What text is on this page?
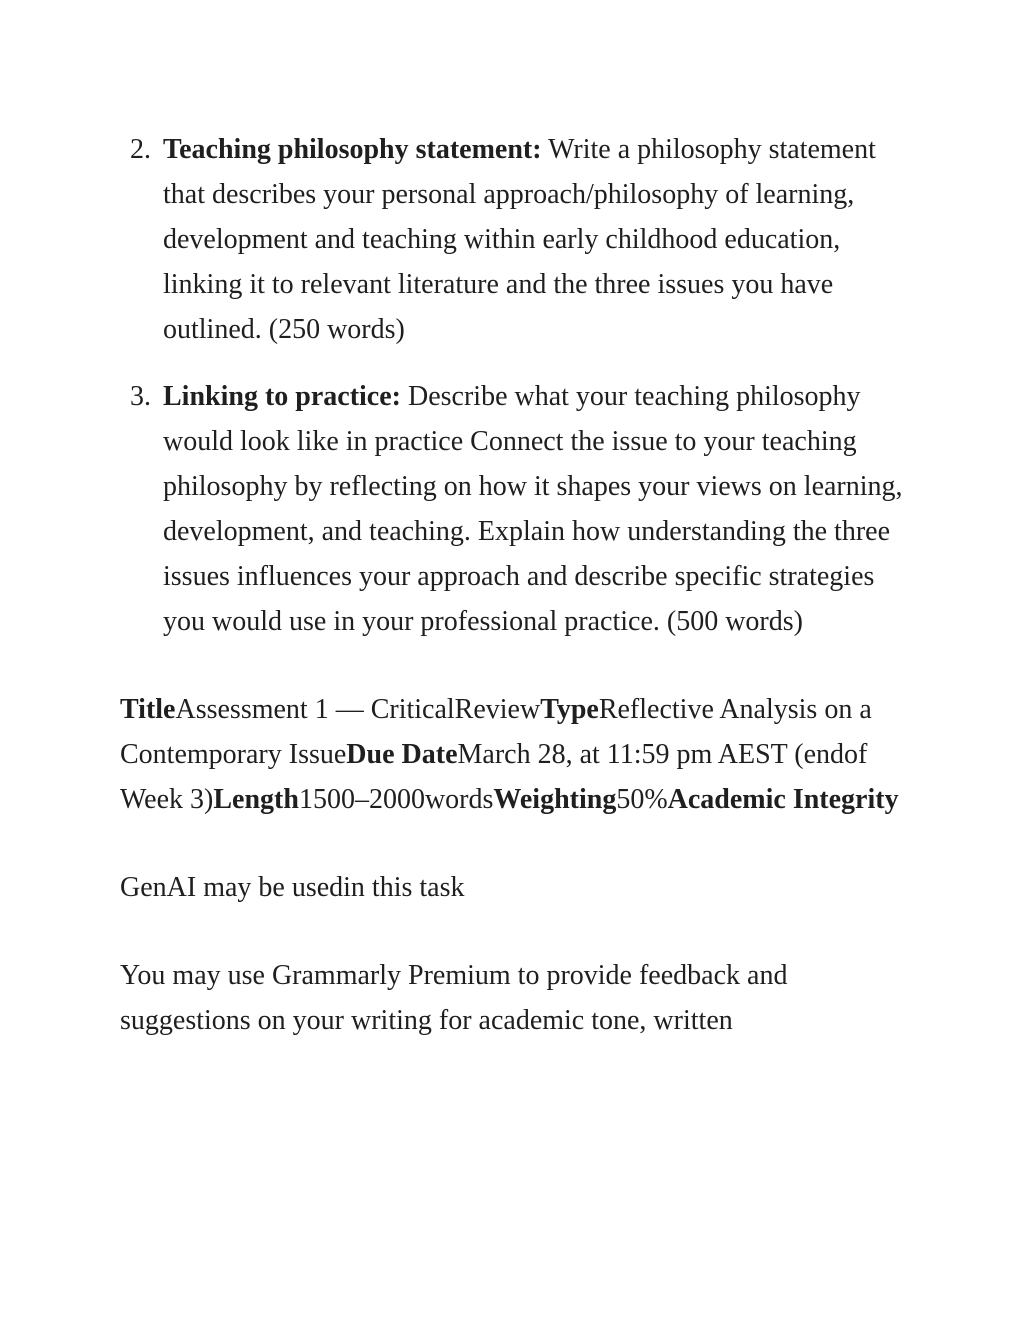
2. Teaching philosophy statement: Write a philosophy statement that describes your personal approach/philosophy of learning, development and teaching within early childhood education, linking it to relevant literature and the three issues you have outlined. (250 words)
3. Linking to practice: Describe what your teaching philosophy would look like in practice Connect the issue to your teaching philosophy by reflecting on how it shapes your views on learning, development, and teaching. Explain how understanding the three issues influences your approach and describe specific strategies you would use in your professional practice. (500 words)
TitleAssessment 1 — CriticalReviewTypeReflective Analysis on a Contemporary IssueDue DateMarch 28, at 11:59 pm AEST (endof Week 3)Length1500–2000wordsWeighting50%Academic Integrity
GenAI may be usedin this task
You may use Grammarly Premium to provide feedback and suggestions on your writing for academic tone, written
